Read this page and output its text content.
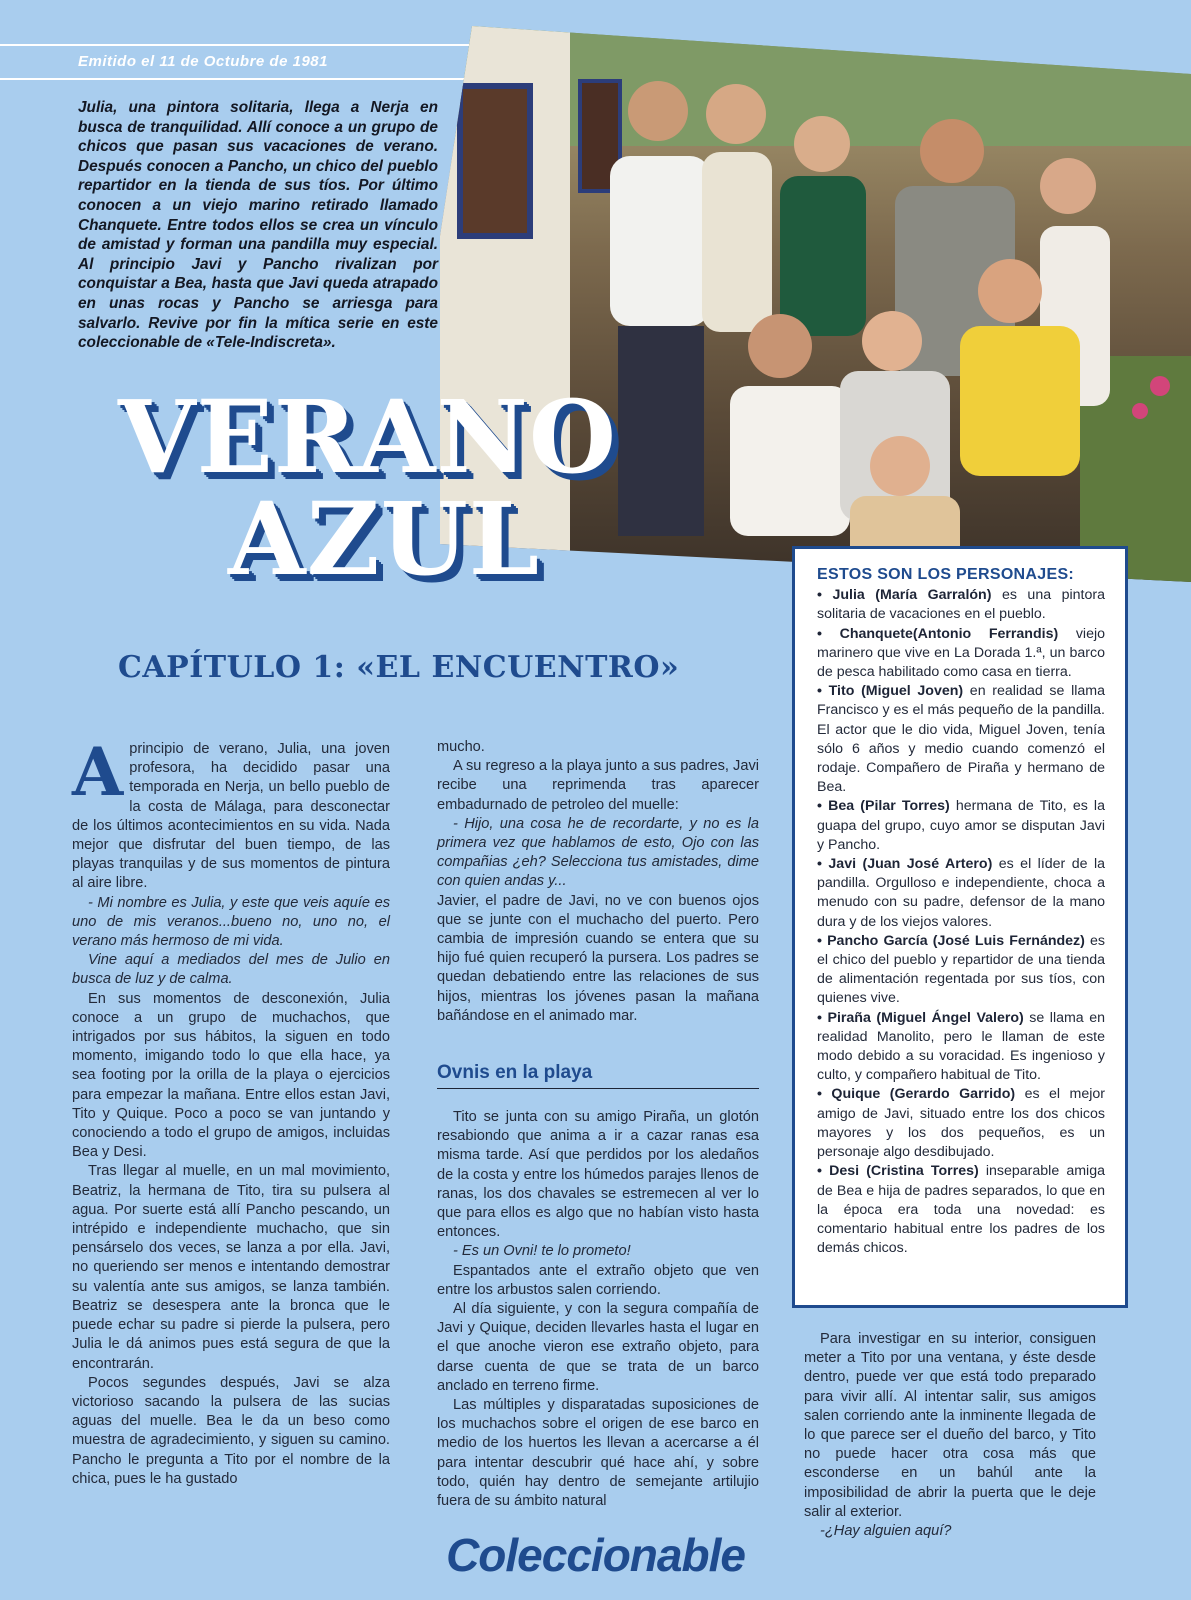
Emitido el 11 de Octubre de 1981
Julia, una pintora solitaria, llega a Nerja en busca de tranquilidad. Allí conoce a un grupo de chicos que pasan sus vacaciones de verano. Después conocen a Pancho, un chico del pueblo repartidor en la tienda de sus tíos. Por último conocen a un viejo marino retirado llamado Chanquete. Entre todos ellos se crea un vínculo de amistad y forman una pandilla muy especial. Al principio Javi y Pancho rivalizan por conquistar a Bea, hasta que Javi queda atrapado en unas rocas y Pancho se arriesga para salvarlo. Revive por fin la mítica serie en este coleccionable de «Tele-Indiscreta».
VERANO
AZUL
CAPÍTULO 1: «EL ENCUENTRO»
A principio de verano, Julia, una joven profesora, ha decidido pasar una temporada en Nerja, un bello pueblo de la costa de Málaga, para desconectar de los últimos acontecimientos en su vida. Nada mejor que disfrutar del buen tiempo, de las playas tranquilas y de sus momentos de pintura al aire libre.

- Mi nombre es Julia, y este que veis aquíe es uno de mis veranos...bueno no, uno no, el verano más hermoso de mi vida.

Vine aquí a mediados del mes de Julio en busca de luz y de calma.

En sus momentos de desconexión, Julia conoce a un grupo de muchachos, que intrigados por sus hábitos, la siguen en todo momento, imigando todo lo que ella hace, ya sea footing por la orilla de la playa o ejercicios para empezar la mañana. Entre ellos estan Javi, Tito y Quique. Poco a poco se van juntando y conociendo a todo el grupo de amigos, incluidas Bea y Desi.

Tras llegar al muelle, en un mal movimiento, Beatriz, la hermana de Tito, tira su pulsera al agua. Por suerte está allí Pancho pescando, un intrépido e independiente muchacho, que sin pensárselo dos veces, se lanza a por ella. Javi, no queriendo ser menos e intentando demostrar su valentía ante sus amigos, se lanza también. Beatriz se desespera ante la bronca que le puede echar su padre si pierde la pulsera, pero Julia le dá animos pues está segura de que la encontrarán.

Pocos segundes después, Javi se alza victorioso sacando la pulsera de las sucias aguas del muelle. Bea le da un beso como muestra de agradecimiento, y siguen su camino. Pancho le pregunta a Tito por el nombre de la chica, pues le ha gustado

mucho.

A su regreso a la playa junto a sus padres, Javi recibe una reprimenda tras aparecer embadurnado de petroleo del muelle:

- Hijo, una cosa he de recordarte, y no es la primera vez que hablamos de esto, Ojo con las compañias ¿eh? Selecciona tus amistades, dime con quien andas y...

Javier, el padre de Javi, no ve con buenos ojos que se junte con el muchacho del puerto. Pero cambia de impresión cuando se entera que su hijo fué quien recuperó la pursera. Los padres se quedan debatiendo entre las relaciones de sus hijos, mientras los jóvenes pasan la mañana bañándose en el animado mar.

Ovnis en la playa

Tito se junta con su amigo Piraña, un glotón resabiondo que anima a ir a cazar ranas esa misma tarde. Así que perdidos por los aledaños de la costa y entre los húmedos parajes llenos de ranas, los dos chavales se estremecen al ver lo que para ellos es algo que no habían visto hasta entonces.

- Es un Ovni! te lo prometo!

Espantados ante el extraño objeto que ven entre los arbustos salen corriendo.

Al día siguiente, y con la segura compañía de Javi y Quique, deciden llevarles hasta el lugar en el que anoche vieron ese extraño objeto, para darse cuenta de que se trata de un barco anclado en terreno firme.

Las múltiples y disparatadas suposiciones de los muchachos sobre el origen de ese barco en medio de los huertos les llevan a acercarse a él para intentar descubrir qué hace ahí, y sobre todo, quién hay dentro de semejante artilujio fuera de su ámbito natural

ESTOS SON LOS PERSONAJES:

• Julia (María Garralón) es una pintora solitaria de vacaciones en el pueblo.

• Chanquete(Antonio Ferrandis) viejo marinero que vive en La Dorada 1.ª, un barco de pesca habilitado como casa en tierra.

• Tito (Miguel Joven) en realidad se llama Francisco y es el más pequeño de la pandilla. El actor que le dio vida, Miguel Joven, tenía sólo 6 años y medio cuando comenzó el rodaje. Compañero de Piraña y hermano de Bea.

• Bea (Pilar Torres) hermana de Tito, es la guapa del grupo, cuyo amor se disputan Javi y Pancho.

• Javi (Juan José Artero) es el líder de la pandilla. Orgulloso e independiente, choca a menudo con su padre, defensor de la mano dura y de los viejos valores.

• Pancho García (José Luis Fernández) es el chico del pueblo y repartidor de una tienda de alimentación regentada por sus tíos, con quienes vive.

• Piraña (Miguel Ángel Valero) se llama en realidad Manolito, pero le llaman de este modo debido a su voracidad. Es ingenioso y culto, y compañero habitual de Tito.

• Quique (Gerardo Garrido) es el mejor amigo de Javi, situado entre los dos chicos mayores y los dos pequeños, es un personaje algo desdibujado.

• Desi (Cristina Torres) inseparable amiga de Bea e hija de padres separados, lo que en la época era toda una novedad: es comentario habitual entre los padres de los demás chicos.

Para investigar en su interior, consiguen meter a Tito por una ventana, y éste desde dentro, puede ver que está todo preparado para vivir allí. Al intentar salir, sus amigos salen corriendo ante la inminente llegada de lo que parece ser el dueño del barco, y Tito no puede hacer otra cosa más que esconderse en un bahúl ante la imposibilidad de abrir la puerta que le deje salir al exterior.

-¿Hay alguien aquí?

Coleccionable
